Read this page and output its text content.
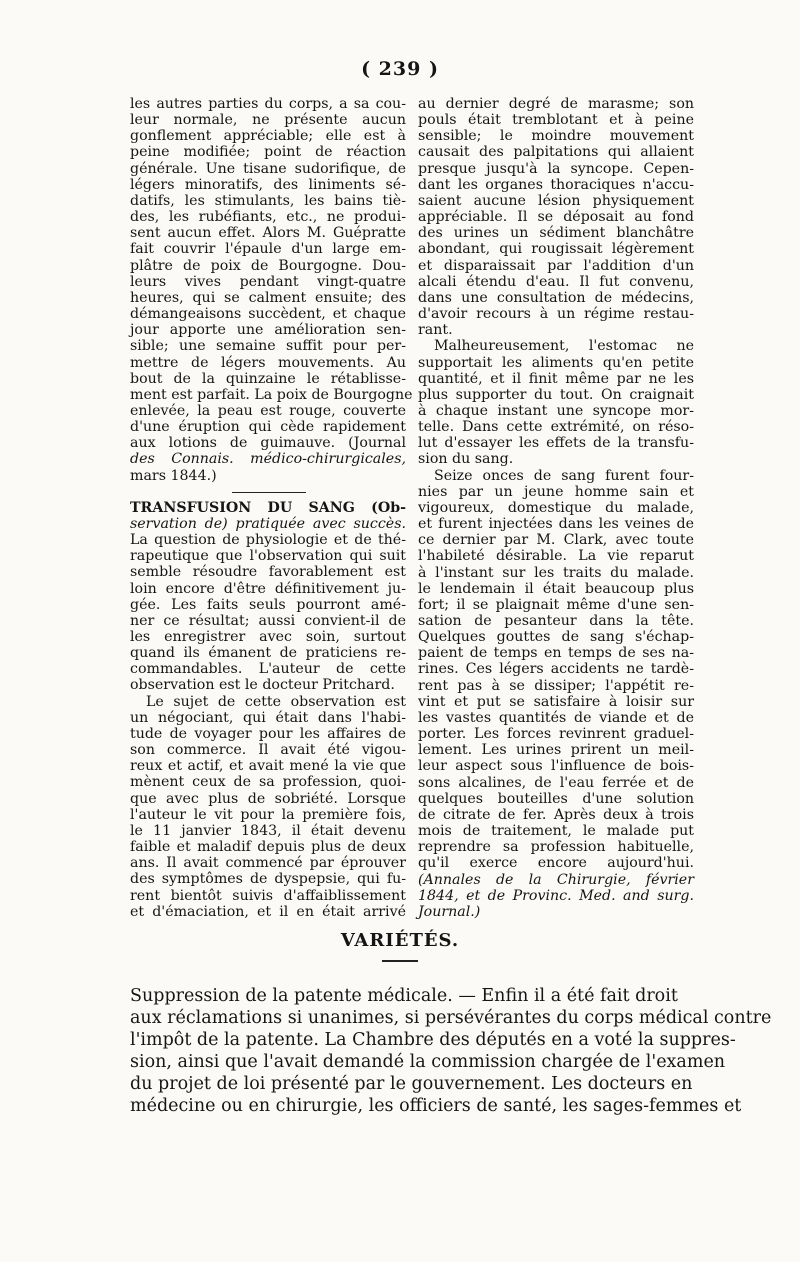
( 239 )
les autres parties du corps, a sa cou-
leur normale, ne présente aucun
gonflement appréciable; elle est à
peine modifiée; point de réaction
générale. Une tisane sudorifique, de
légers minoratifs, des liniments sé-
datifs, les stimulants, les bains tiè-
des, les rubéfiants, etc., ne produi-
sent aucun effet. Alors M. Guépratte
fait couvrir l'épaule d'un large em-
plâtre de poix de Bourgogne. Dou-
leurs vives pendant vingt-quatre
heures, qui se calment ensuite; des
démangeaisons succèdent, et chaque
jour apporte une amélioration sen-
sible; une semaine suffit pour per-
mettre de légers mouvements. Au
bout de la quinzaine le rétablisse-
ment est parfait. La poix de Bourgogne
enlevée, la peau est rouge, couverte
d'une éruption qui cède rapidement
aux lotions de guimauve. (Journal
des Connais. médico-chirurgicales,
mars 1844.)
TRANSFUSION DU SANG (Ob-
servation de) pratiquée avec succès.
La question de physiologie et de thé-
rapeutique que l'observation qui suit
semble résoudre favorablement est
loin encore d'être définitivement ju-
gée. Les faits seuls pourront amé-
ner ce résultat; aussi convient-il de
les enregistrer avec soin, surtout
quand ils émanent de praticiens re-
commandables. L'auteur de cette
observation est le docteur Pritchard.
Le sujet de cette observation est
un négociant, qui était dans l'habi-
tude de voyager pour les affaires de
son commerce. Il avait été vigou-
reux et actif, et avait mené la vie que
mènent ceux de sa profession, quoi-
que avec plus de sobriété. Lorsque
l'auteur le vit pour la première fois,
le 11 janvier 1843, il était devenu
faible et maladif depuis plus de deux
ans. Il avait commencé par éprouver
des symptômes de dyspepsie, qui fu-
rent bientôt suivis d'affaiblissement
et d'émaciation, et il en était arrivé
au dernier degré de marasme; son
pouls était tremblotant et à peine
sensible; le moindre mouvement
causait des palpitations qui allaient
presque jusqu'à la syncope. Cepen-
dant les organes thoraciques n'accu-
saient aucune lésion physiquement
appréciable. Il se déposait au fond
des urines un sédiment blanchâtre
abondant, qui rougissait légèrement
et disparaissait par l'addition d'un
alcali étendu d'eau. Il fut convenu,
dans une consultation de médecins,
d'avoir recours à un régime restau-
rant.
Malheureusement, l'estomac ne
supportait les aliments qu'en petite
quantité, et il finit même par ne les
plus supporter du tout. On craignait
à chaque instant une syncope mor-
telle. Dans cette extrémité, on réso-
lut d'essayer les effets de la transfu-
sion du sang.
Seize onces de sang furent four-
nies par un jeune homme sain et
vigoureux, domestique du malade,
et furent injectées dans les veines de
ce dernier par M. Clark, avec toute
l'habileté désirable. La vie reparut
à l'instant sur les traits du malade.
le lendemain il était beaucoup plus
fort; il se plaignait même d'une sen-
sation de pesanteur dans la tête.
Quelques gouttes de sang s'échap-
paient de temps en temps de ses na-
rines. Ces légers accidents ne tardè-
rent pas à se dissiper; l'appétit re-
vint et put se satisfaire à loisir sur
les vastes quantités de viande et de
porter. Les forces revinrent graduel-
lement. Les urines prirent un meil-
leur aspect sous l'influence de bois-
sons alcalines, de l'eau ferrée et de
quelques bouteilles d'une solution
de citrate de fer. Après deux à trois
mois de traitement, le malade put
reprendre sa profession habituelle,
qu'il exerce encore aujourd'hui.
(Annales de la Chirurgie, février
1844, et de Provinc. Med. and surg.
Journal.)
VARIÉTÉS.
Suppression de la patente médicale. — Enfin il a été fait droit
aux réclamations si unanimes, si persévérantes du corps médical contre
l'impôt de la patente. La Chambre des députés en a voté la suppres-
sion, ainsi que l'avait demandé la commission chargée de l'examen
du projet de loi présenté par le gouvernement. Les docteurs en
médecine ou en chirurgie, les officiers de santé, les sages-femmes et
